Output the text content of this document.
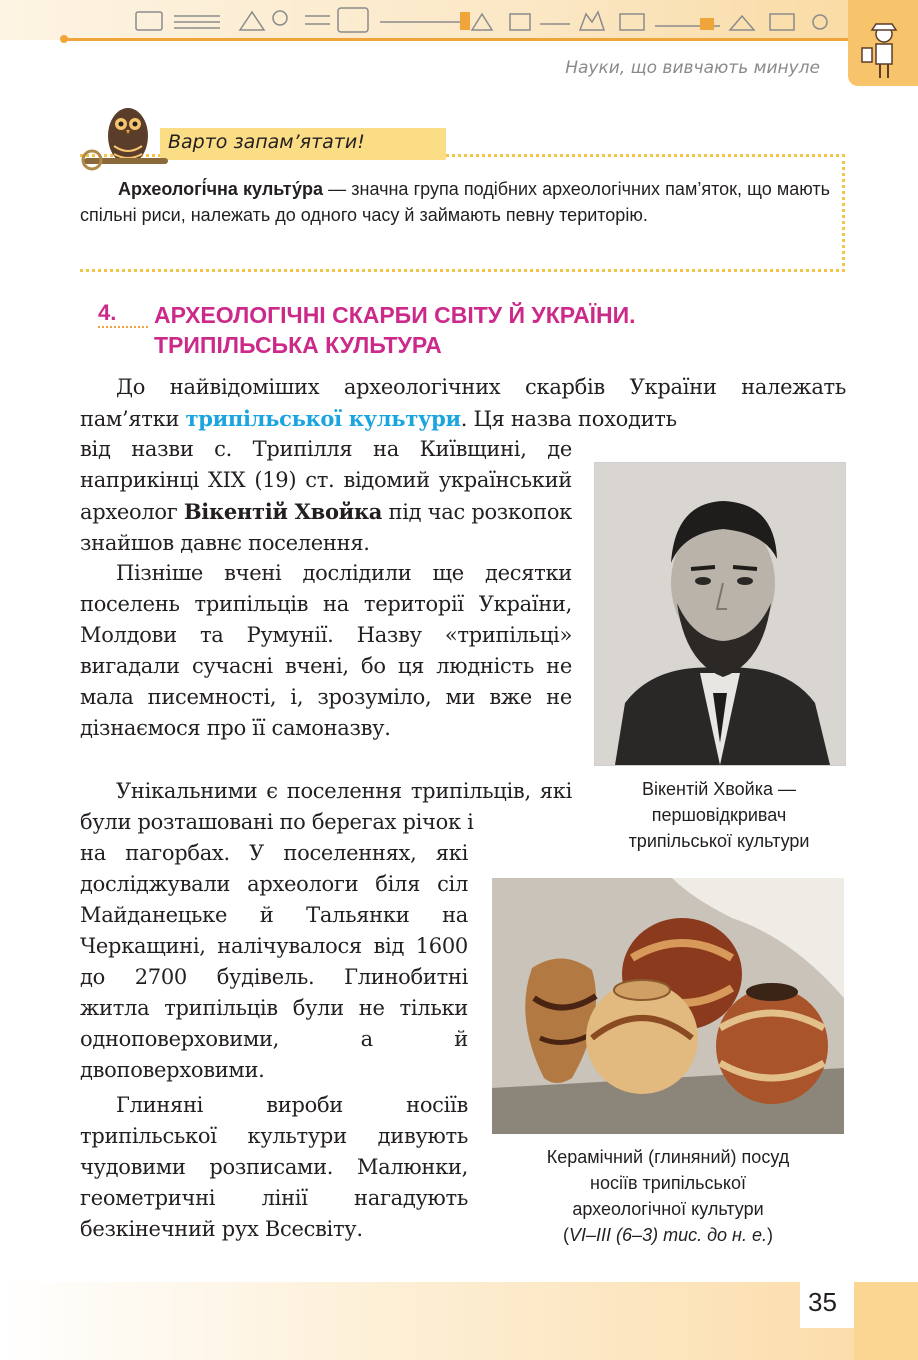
Науки, що вивчають минуле
Варто запам’ятати!
Археологі́чна культу́ра — значна група подібних археологічних пам’яток, що мають спільні риси, належать до одного часу й займають певну територію.
4. АРХЕОЛОГІЧНІ СКАРБИ СВІТУ Й УКРАЇНИ.
ТРИПІЛЬСЬКА КУЛЬТУРА

До найвідоміших археологічних скарбів України належать пам’ятки трипільської культури. Ця назва походить

від назви с. Трипілля на Київщині, де наприкінці XIX (19) ст. відомий український археолог Вікентій Хвойка під час розкопок знайшов давнє поселення.

Пізніше вчені дослідили ще десятки поселень трипільців на території України, Молдови та Румунії. Назву «трипільці» вигадали сучасні вчені, бо ця людність не мала писемності, і, зрозуміло, ми вже не дізнаємося про її самоназву.

Унікальними є поселення трипільців, які були розташовані по берегах річок і

на пагорбах. У поселеннях, які досліджували археологи біля сіл Майданецьке й Тальянки на Черкащині, налічувалося від 1600 до 2700 будівель. Глинобитні житла трипільців були не тільки одноповерховими, а й двоповерховими.

Глиняні вироби носіїв трипільської культури дивують чудовими розписами. Малюнки, геометричні лінії нагадують безкінечний рух Всесвіту.

Вікентій Хвойка —
першовідкривач
трипільської культури
Керамічний (глиняний) посуд
носіїв трипільської
археологічної культури
(VI–III (6–3) тис. до н. е.)
35
